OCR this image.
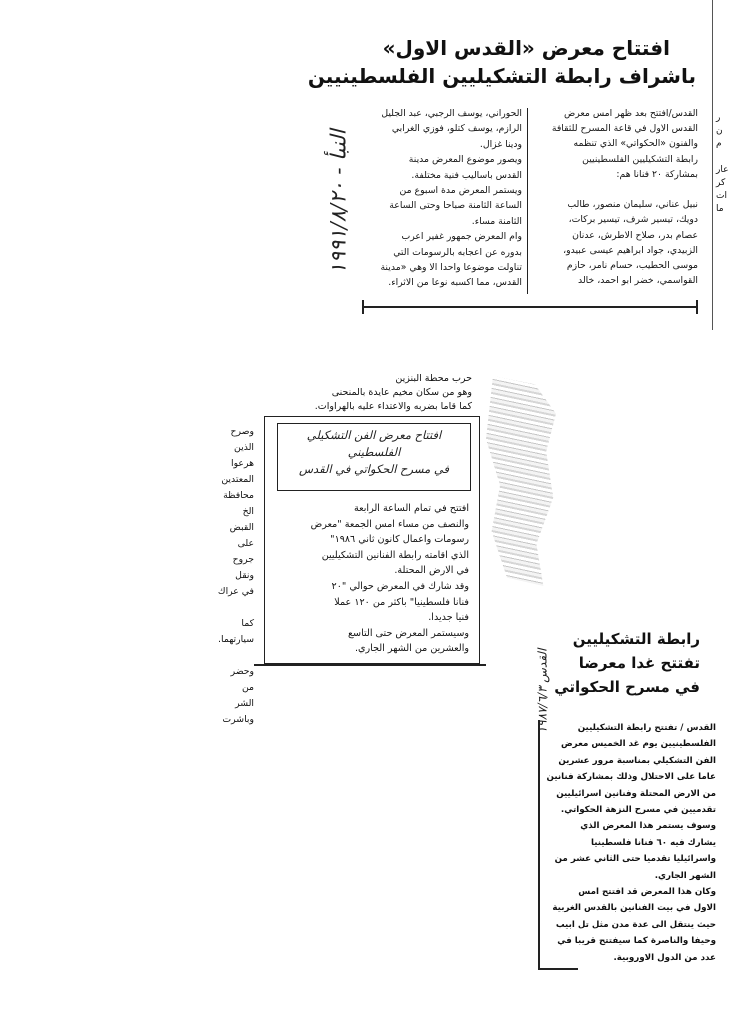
افتتاح معرض «القدس الاول»
باشراف رابطة التشكيليين الفلسطينيين
القدس/افتتح بعد ظهر امس معرض
القدس الاول في قاعة المسرح للثقافة
والفنون «الحكواتي» الذي تنظمه
رابطة التشكيليين الفلسطينيين
بمشاركة ٢٠ فنانا هم:

نبيل عناني، سليمان منصور، طالب
دويك، تيسير شرف، تيسير بركات،
عصام بدر، صلاح الاطرش، عدنان
الزبيدي، جواد ابراهيم عيسى عبيدو،
موسى الحطيب، حسام نامر، حازم
القواسمي، خضر ابو احمد، خالد
الحوراني، يوسف الرجبي، عبد الجليل
الرازم، يوسف كتلو، فوزي الغرابي
ودينا غزال.
ويصور موضوع المعرض مدينة
القدس باساليب فنية مختلفة.
ويستمر المعرض مدة اسبوع من
الساعة الثامنة صباحا وحتى الساعة
الثامنة مساء.
وام المعرض جمهور غفير اعرب
بدوره عن اعجابه بالرسومات التي
تناولت موضوعا واحدا الا وهي «مدينة
القدس، مما اكسبه نوعا من الاثراء.
النبأ - ١٩٩١/٨/٢٠
ر
ن
م

عار
كر
ات
ما
حرب محطة البنزين
وهو من سكان مخيم عايدة بالمنحنى
كما قاما بضربه والاعتداء عليه بالهراوات.
وصرح
الذين هرعوا
المعتدين
محافظة الخ
القبض على
جروح ونقل
في عراك

كما
سيارتهما.

وحضر
من
الشر
وباشرت
افتتاح معرض الفن التشكيلي
الفلسطيني
في مسرح الحكواتي في القدس
افتتح في تمام الساعة الرابعة
والنصف من مساء امس الجمعة "معرض
رسومات واعمال كانون ثاني ١٩٨٦"
الذي اقامته رابطة الفنانين التشكيليين
في الارض المحتلة.
وقد شارك في المعرض حوالي "٢٠
فنانا فلسطينيا" باكثر من ١٢٠ عملا
فنيا جديدا.
وسيستمر المعرض حتى التاسع
والعشرين من الشهر الجاري.
رابطة التشكيليين
تفتتح غدا معرضا
في مسرح الحكواتي
القدس / تفتتح رابطة التشكيليين
الفلسطينيين يوم غد الخميس معرض
الفن التشكيلي بمناسبة مرور عشرين
عاما على الاحتلال وذلك بمشاركة فنانين
من الارض المحتلة وفنانين اسرائيليين
تقدميين في مسرح النزهة الحكواتي.
وسوف يستمر هذا المعرض الذي
يشارك فيه ٦٠ فنانا فلسطينيا
واسرائيليا تقدميا حتى الثاني عشر من
الشهر الجاري.
وكان هذا المعرض قد افتتح امس
الاول في بيت الفنانين بالقدس الغربية
حيث ينتقل الى عدة مدن مثل تل ابيب
وحيفا والناصرة كما سيفتتح قريبا في
عدد من الدول الاوروبية.
القدس ١٩٨٧/٦/٣
